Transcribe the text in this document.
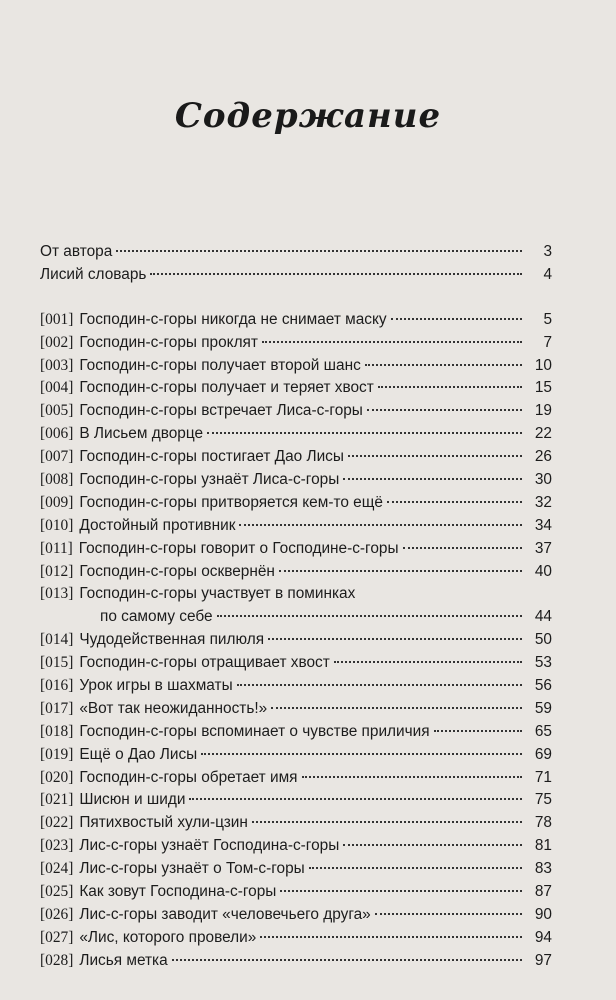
Содержание
От автора	3
Лисий словарь	4
[001] Господин-с-горы никогда не снимает маску	5
[002] Господин-с-горы проклят	7
[003] Господин-с-горы получает второй шанс	10
[004] Господин-с-горы получает и теряет хвост	15
[005] Господин-с-горы встречает Лиса-с-горы	19
[006] В Лисьем дворце	22
[007] Господин-с-горы постигает Дао Лисы	26
[008] Господин-с-горы узнаёт Лиса-с-горы	30
[009] Господин-с-горы притворяется кем-то ещё	32
[010] Достойный противник	34
[011] Господин-с-горы говорит о Господине-с-горы	37
[012] Господин-с-горы осквернён	40
[013] Господин-с-горы участвует в поминках
по самому себе	44
[014] Чудодейственная пилюля	50
[015] Господин-с-горы отращивает хвост	53
[016] Урок игры в шахматы	56
[017] «Вот так неожиданность!»	59
[018] Господин-с-горы вспоминает о чувстве приличия	65
[019] Ещё о Дао Лисы	69
[020] Господин-с-горы обретает имя	71
[021] Шисюн и шиди	75
[022] Пятихвостый хули-цзин	78
[023] Лис-с-горы узнаёт Господина-с-горы	81
[024] Лис-с-горы узнаёт о Том-с-горы	83
[025] Как зовут Господина-с-горы	87
[026] Лис-с-горы заводит «человечьего друга»	90
[027] «Лис, которого провели»	94
[028] Лисья метка	97
